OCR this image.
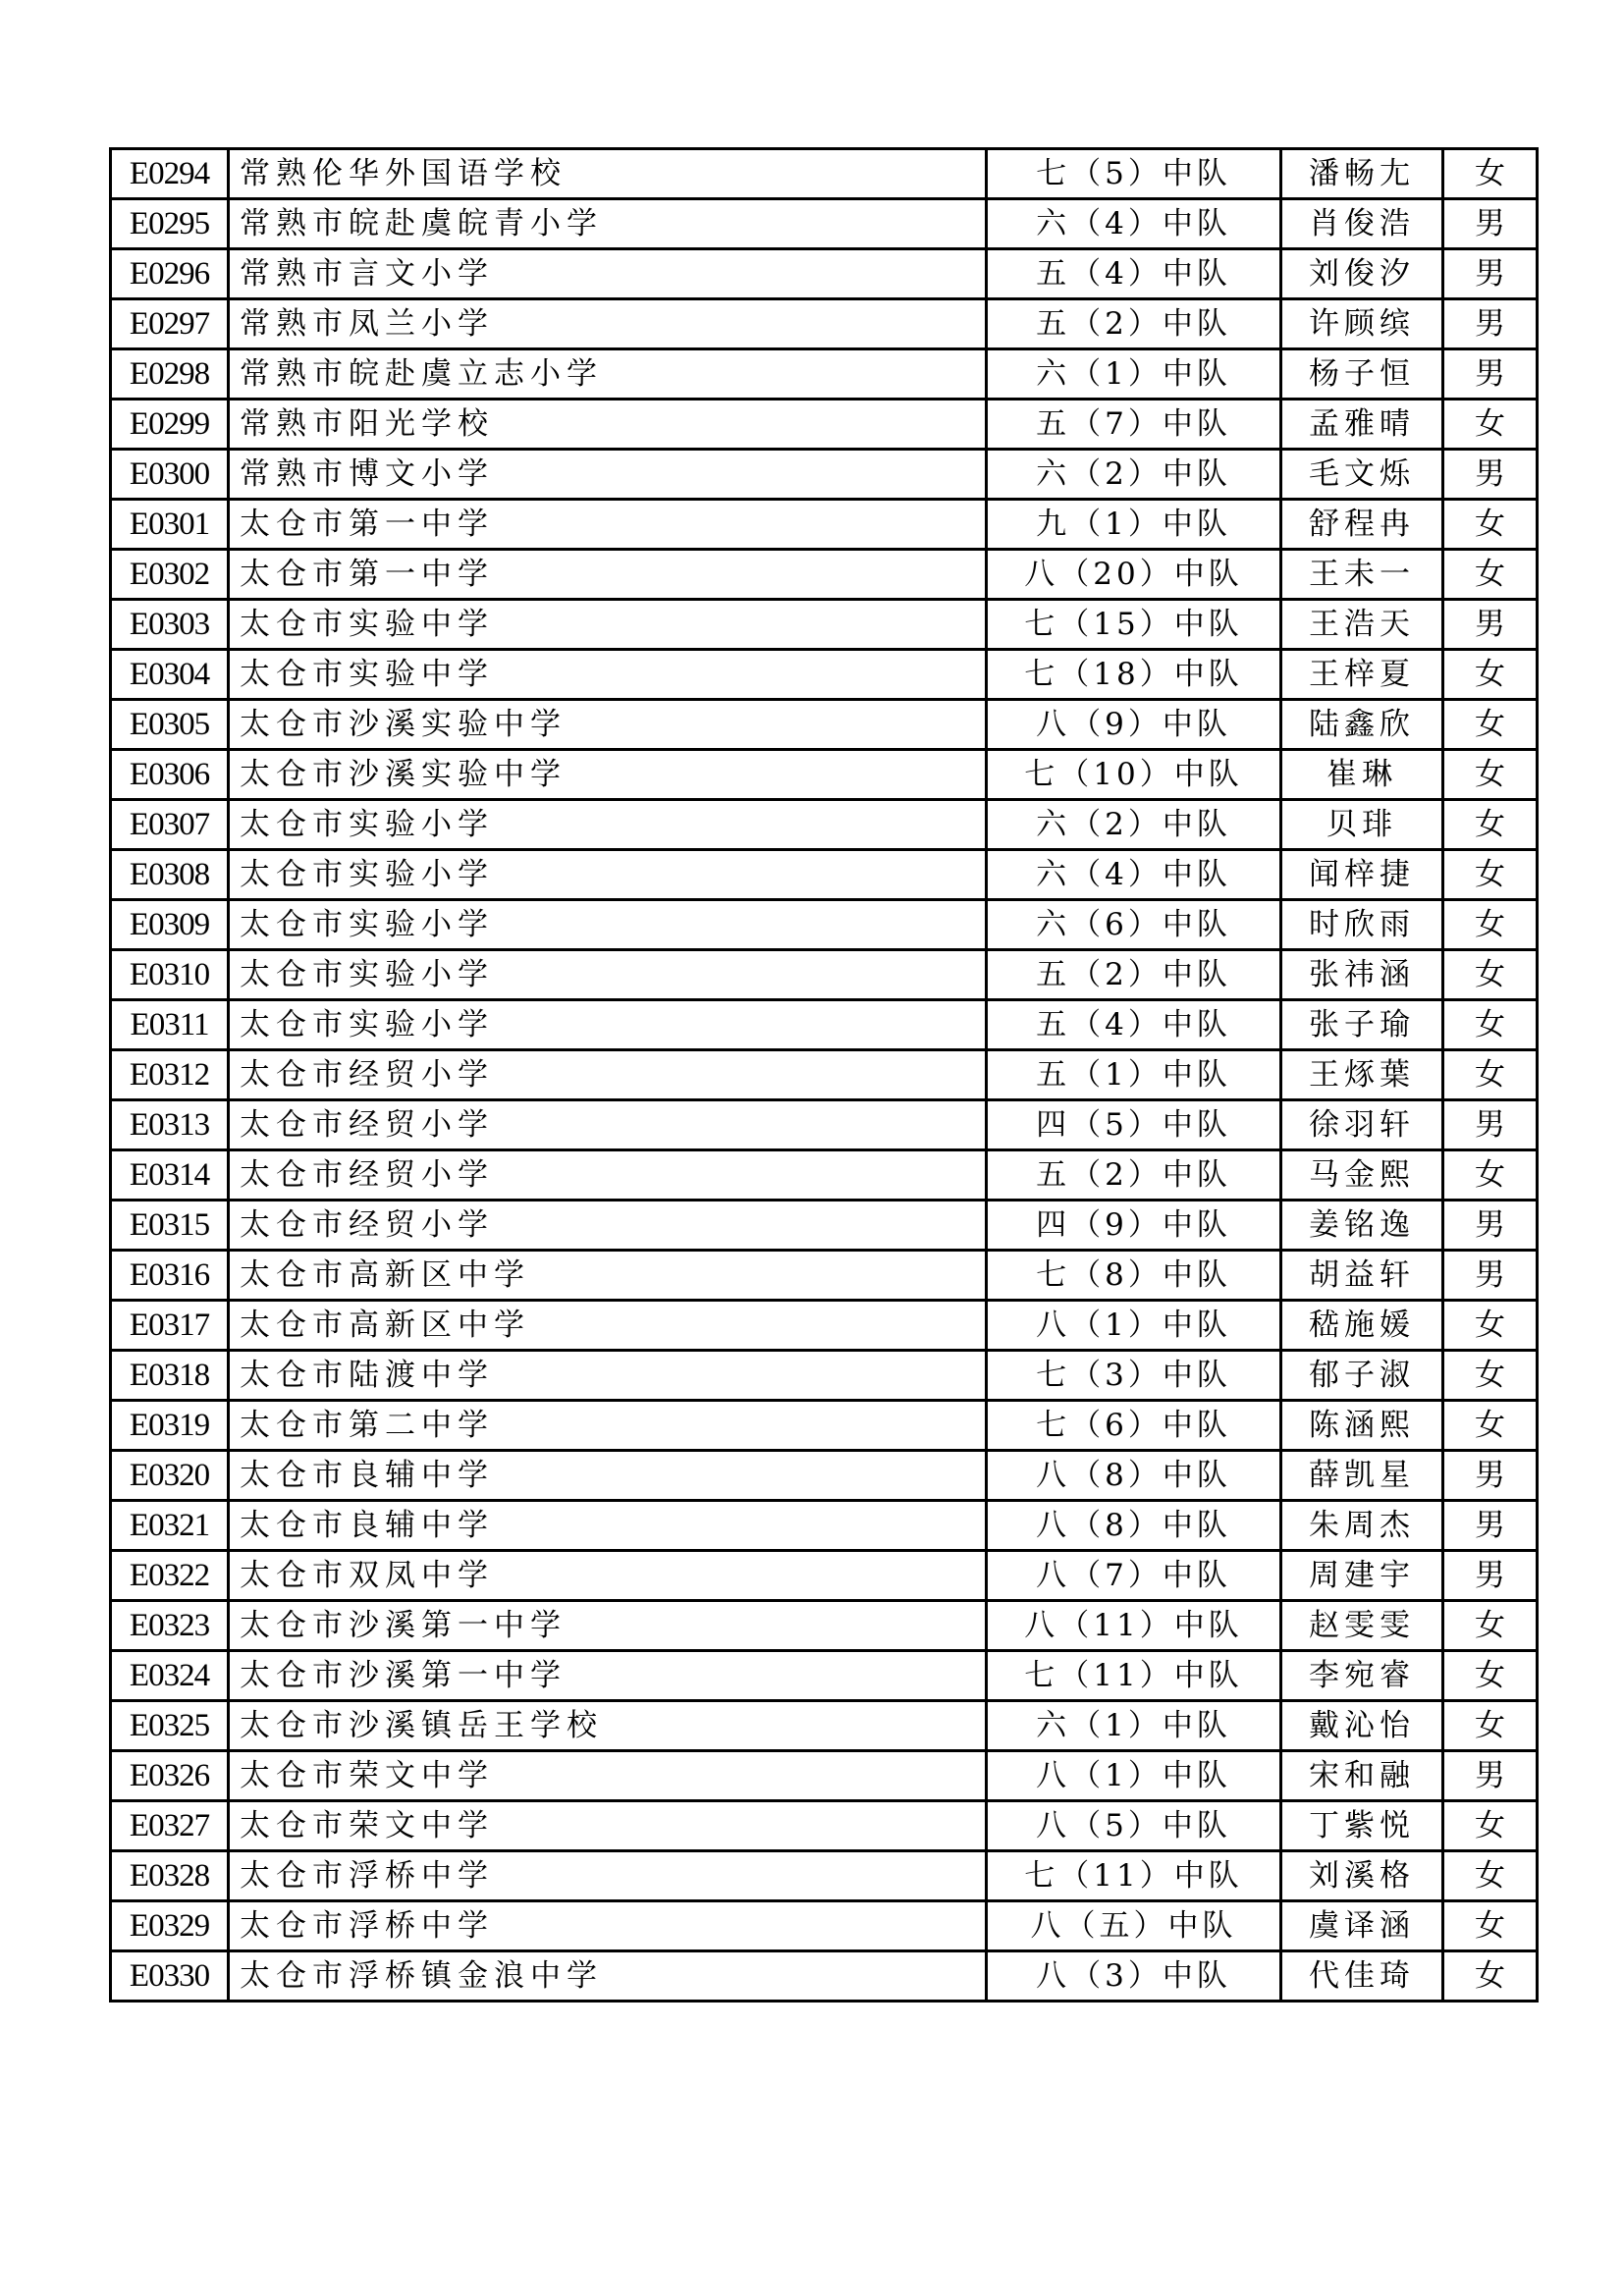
E0294	常熟伦华外国语学校	七（5）中队	潘畅尢	女
E0295	常熟市皖赴虞皖青小学	六（4）中队	肖俊浩	男
E0296	常熟市言文小学	五（4）中队	刘俊汐	男
E0297	常熟市凤兰小学	五（2）中队	许顾缤	男
E0298	常熟市皖赴虞立志小学	六（1）中队	杨子恒	男
E0299	常熟市阳光学校	五（7）中队	孟雅晴	女
E0300	常熟市博文小学	六（2）中队	毛文烁	男
E0301	太仓市第一中学	九（1）中队	舒程冉	女
E0302	太仓市第一中学	八（20）中队	王未一	女
E0303	太仓市实验中学	七（15）中队	王浩天	男
E0304	太仓市实验中学	七（18）中队	王梓夏	女
E0305	太仓市沙溪实验中学	八（9）中队	陆鑫欣	女
E0306	太仓市沙溪实验中学	七（10）中队	崔琳	女
E0307	太仓市实验小学	六（2）中队	贝琲	女
E0308	太仓市实验小学	六（4）中队	闻梓捷	女
E0309	太仓市实验小学	六（6）中队	时欣雨	女
E0310	太仓市实验小学	五（2）中队	张祎涵	女
E0311	太仓市实验小学	五（4）中队	张子瑜	女
E0312	太仓市经贸小学	五（1）中队	王烼葉	女
E0313	太仓市经贸小学	四（5）中队	徐羽轩	男
E0314	太仓市经贸小学	五（2）中队	马金熙	女
E0315	太仓市经贸小学	四（9）中队	姜铭逸	男
E0316	太仓市高新区中学	七（8）中队	胡益轩	男
E0317	太仓市高新区中学	八（1）中队	嵇施媛	女
E0318	太仓市陆渡中学	七（3）中队	郁子淑	女
E0319	太仓市第二中学	七（6）中队	陈涵熙	女
E0320	太仓市良辅中学	八（8）中队	薛凯星	男
E0321	太仓市良辅中学	八（8）中队	朱周杰	男
E0322	太仓市双凤中学	八（7）中队	周建宇	男
E0323	太仓市沙溪第一中学	八（11）中队	赵雯雯	女
E0324	太仓市沙溪第一中学	七（11）中队	李宛睿	女
E0325	太仓市沙溪镇岳王学校	六（1）中队	戴沁怡	女
E0326	太仓市荣文中学	八（1）中队	宋和融	男
E0327	太仓市荣文中学	八（5）中队	丁紫悦	女
E0328	太仓市浮桥中学	七（11）中队	刘溪格	女
E0329	太仓市浮桥中学	八（五）中队	虞译涵	女
E0330	太仓市浮桥镇金浪中学	八（3）中队	代佳琦	女
